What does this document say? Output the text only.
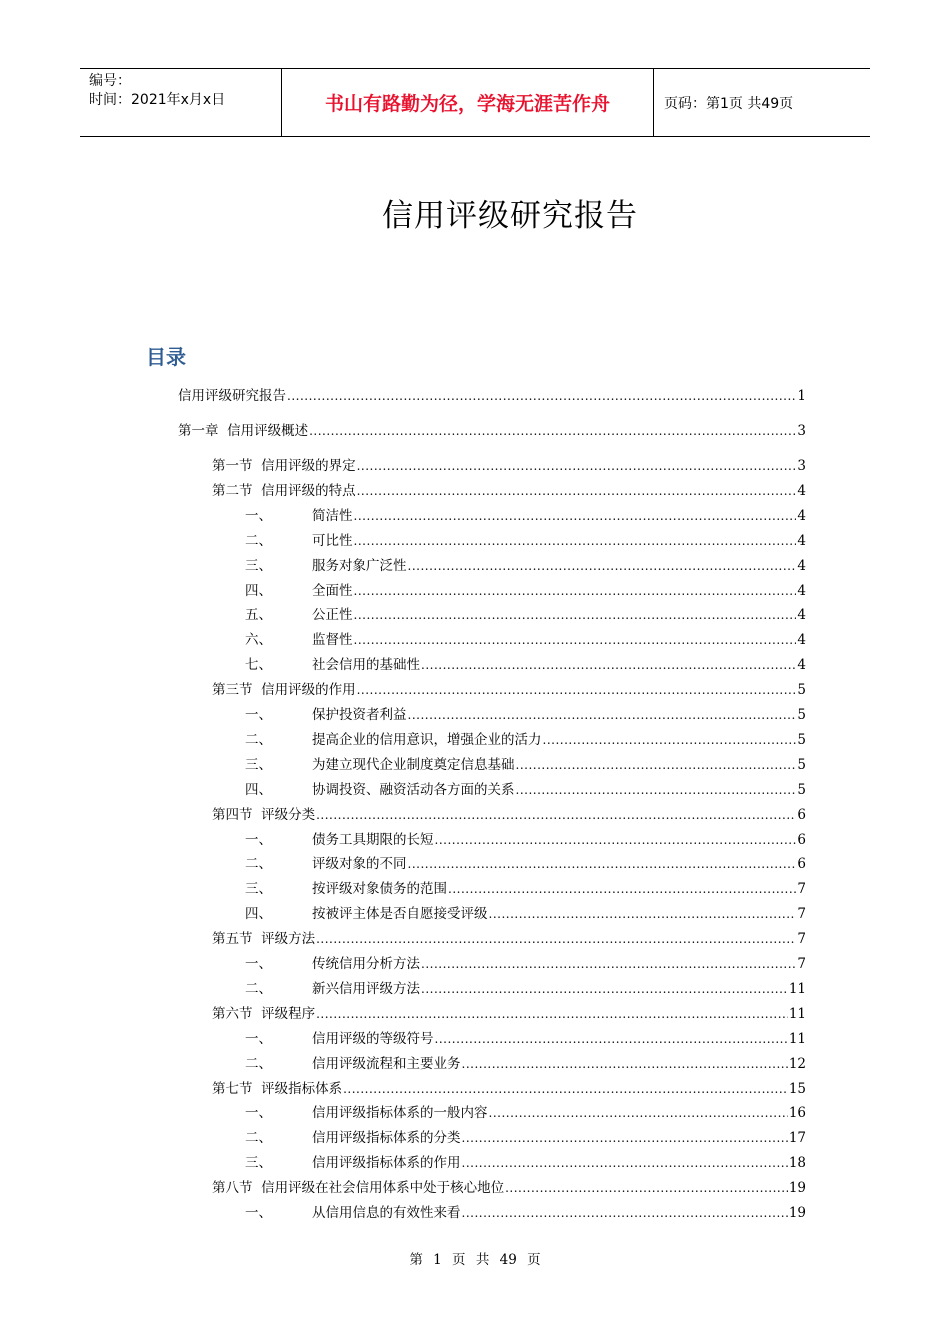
编号：
时间：2021年x月x日	书山有路勤为径，学海无涯苦作舟	页码：第1页 共49页
信用评级研究报告
目录
信用评级研究报告 .....	1
第一章  信用评级概述 .....	3
第一节  信用评级的界定 .....	3
第二节  信用评级的特点 .....	4
一、	简洁性 .....	4
二、	可比性 .....	4
三、	服务对象广泛性 .....	4
四、	全面性 .....	4
五、	公正性 .....	4
六、	监督性 .....	4
七、	社会信用的基础性 .....	4
第三节  信用评级的作用 .....	5
一、	保护投资者利益 .....	5
二、	提高企业的信用意识，增强企业的活力 .....	5
三、	为建立现代企业制度奠定信息基础 .....	5
四、	协调投资、融资活动各方面的关系 .....	5
第四节  评级分类 .....	6
一、	债务工具期限的长短 .....	6
二、	评级对象的不同 .....	6
三、	按评级对象债务的范围 .....	7
四、	按被评主体是否自愿接受评级 .....	7
第五节  评级方法 .....	7
一、	传统信用分析方法 .....	7
二、	新兴信用评级方法 .....	11
第六节  评级程序 .....	11
一、	信用评级的等级符号 .....	11
二、	信用评级流程和主要业务 .....	12
第七节  评级指标体系 .....	15
一、	信用评级指标体系的一般内容 .....	16
二、	信用评级指标体系的分类 .....	17
三、	信用评级指标体系的作用 .....	18
第八节  信用评级在社会信用体系中处于核心地位 .....	19
一、	从信用信息的有效性来看 .....	19
第 1 页 共 49 页
